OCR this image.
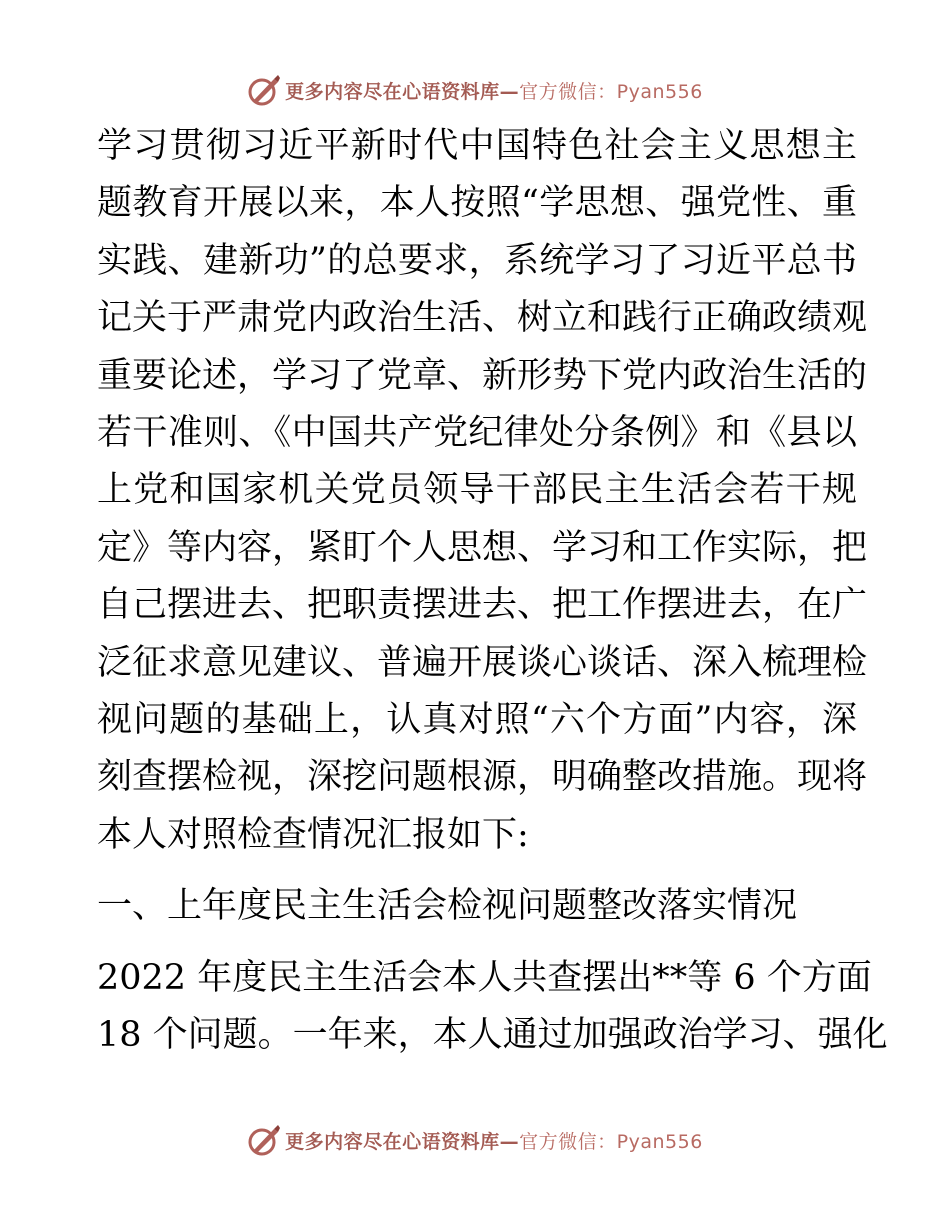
更多内容尽在心语资料库—官方微信：Pyan556

学习贯彻习近平新时代中国特色社会主义思想主
题教育开展以来，本人按照“学思想、强党性、重
实践、建新功”的总要求，系统学习了习近平总书
记关于严肃党内政治生活、树立和践行正确政绩观
重要论述，学习了党章、新形势下党内政治生活的
若干准则、《中国共产党纪律处分条例》和《县以
上党和国家机关党员领导干部民主生活会若干规
定》等内容，紧盯个人思想、学习和工作实际，把
自己摆进去、把职责摆进去、把工作摆进去，在广
泛征求意见建议、普遍开展谈心谈话、深入梳理检
视问题的基础上，认真对照“六个方面”内容，深
刻查摆检视，深挖问题根源，明确整改措施。现将
本人对照检查情况汇报如下:

一、上年度民主生活会检视问题整改落实情况

2022 年度民主生活会本人共查摆出**等 6 个方面
18 个问题。一年来，本人通过加强政治学习、强化

更多内容尽在心语资料库—官方微信：Pyan556
